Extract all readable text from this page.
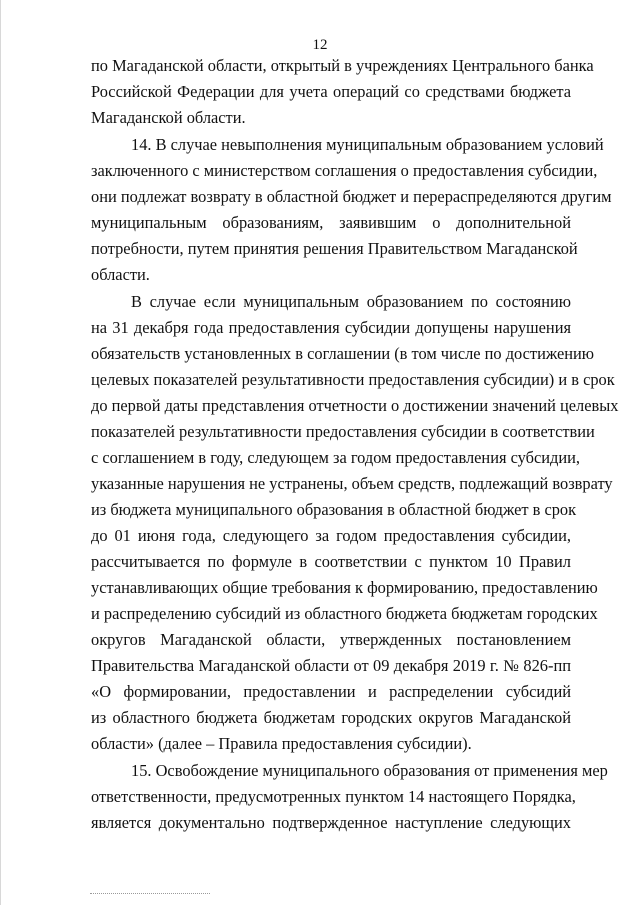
12
по Магаданской области, открытый в учреждениях Центрального банка
Российской Федерации для учета операций со средствами бюджета
Магаданской области.
14. В случае невыполнения муниципальным образованием условий
заключенного с министерством соглашения о предоставления субсидии,
они подлежат возврату в областной бюджет и перераспределяются другим
муниципальным образованиям, заявившим о дополнительной
потребности, путем принятия решения Правительством Магаданской
области.
В случае если муниципальным образованием по состоянию
на 31 декабря года предоставления субсидии допущены нарушения
обязательств установленных в соглашении (в том числе по достижению
целевых показателей результативности предоставления субсидии) и в срок
до первой даты представления отчетности о достижении значений целевых
показателей результативности предоставления субсидии в соответствии
с соглашением в году, следующем за годом предоставления субсидии,
указанные нарушения не устранены, объем средств, подлежащий возврату
из бюджета муниципального образования в областной бюджет в срок
до 01 июня года, следующего за годом предоставления субсидии,
рассчитывается по формуле в соответствии с пунктом 10 Правил
устанавливающих общие требования к формированию, предоставлению
и распределению субсидий из областного бюджета бюджетам городских
округов Магаданской области, утвержденных постановлением
Правительства Магаданской области от 09 декабря 2019 г. № 826-пп
«О формировании, предоставлении и распределении субсидий
из областного бюджета бюджетам городских округов Магаданской
области» (далее – Правила предоставления субсидии).
15. Освобождение муниципального образования от применения мер
ответственности, предусмотренных пунктом 14 настоящего Порядка,
является документально подтвержденное наступление следующих
